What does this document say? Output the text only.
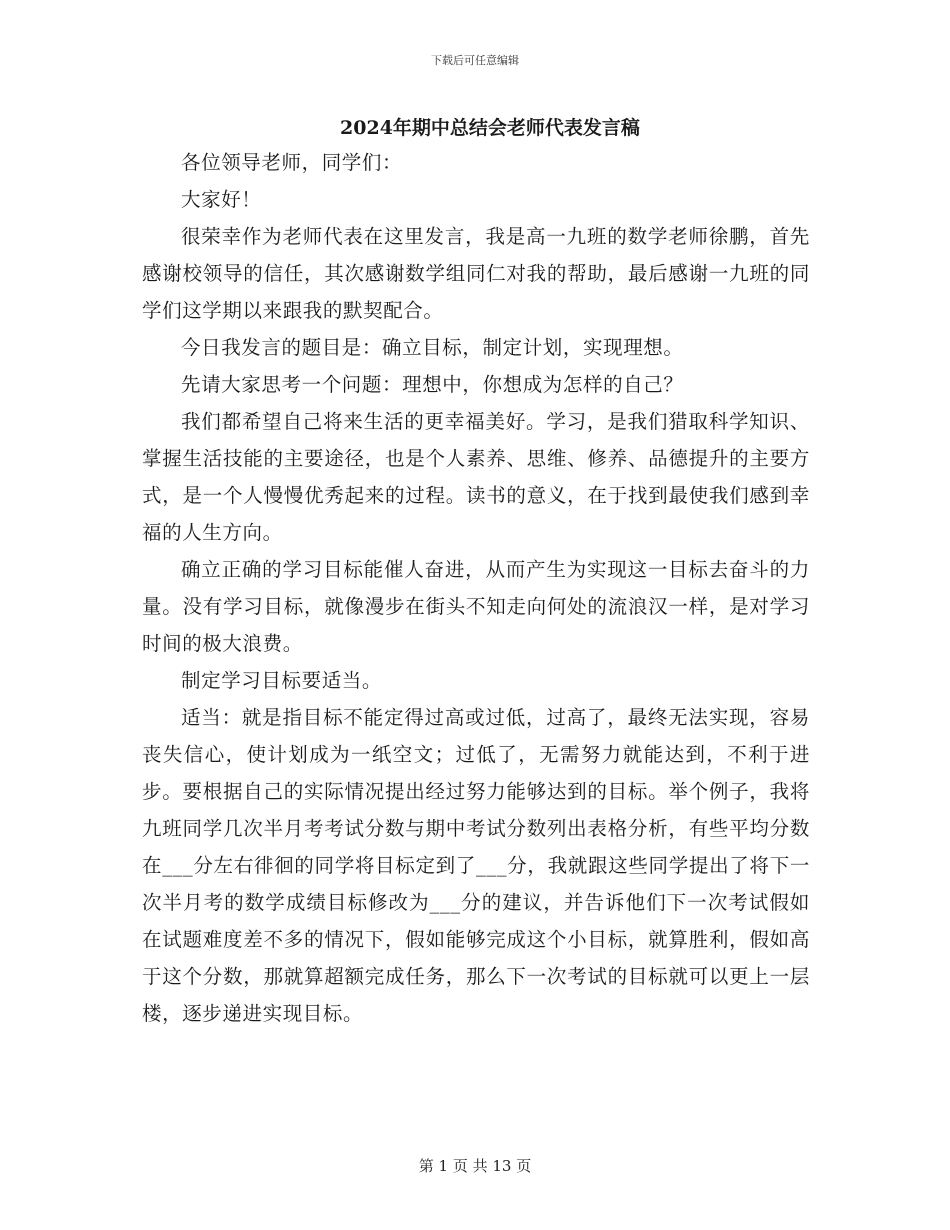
下载后可任意编辑
2024年期中总结会老师代表发言稿

各位领导老师，同学们：

大家好！

很荣幸作为老师代表在这里发言，我是高一九班的数学老师徐鹏，首先感谢校领导的信任，其次感谢数学组同仁对我的帮助，最后感谢一九班的同学们这学期以来跟我的默契配合。

今日我发言的题目是：确立目标，制定计划，实现理想。

先请大家思考一个问题：理想中，你想成为怎样的自己？

我们都希望自己将来生活的更幸福美好。学习，是我们猎取科学知识、掌握生活技能的主要途径，也是个人素养、思维、修养、品德提升的主要方式，是一个人慢慢优秀起来的过程。读书的意义，在于找到最使我们感到幸福的人生方向。

确立正确的学习目标能催人奋进，从而产生为实现这一目标去奋斗的力量。没有学习目标，就像漫步在街头不知走向何处的流浪汉一样，是对学习时间的极大浪费。

制定学习目标要适当。

适当：就是指目标不能定得过高或过低，过高了，最终无法实现，容易丧失信心，使计划成为一纸空文；过低了，无需努力就能达到，不利于进步。要根据自己的实际情况提出经过努力能够达到的目标。举个例子，我将九班同学几次半月考考试分数与期中考试分数列出表格分析，有些平均分数在___分左右徘徊的同学将目标定到了___分，我就跟这些同学提出了将下一次半月考的数学成绩目标修改为___分的建议，并告诉他们下一次考试假如在试题难度差不多的情况下，假如能够完成这个小目标，就算胜利，假如高于这个分数，那就算超额完成任务，那么下一次考试的目标就可以更上一层楼，逐步递进实现目标。

第 1 页 共 13 页
